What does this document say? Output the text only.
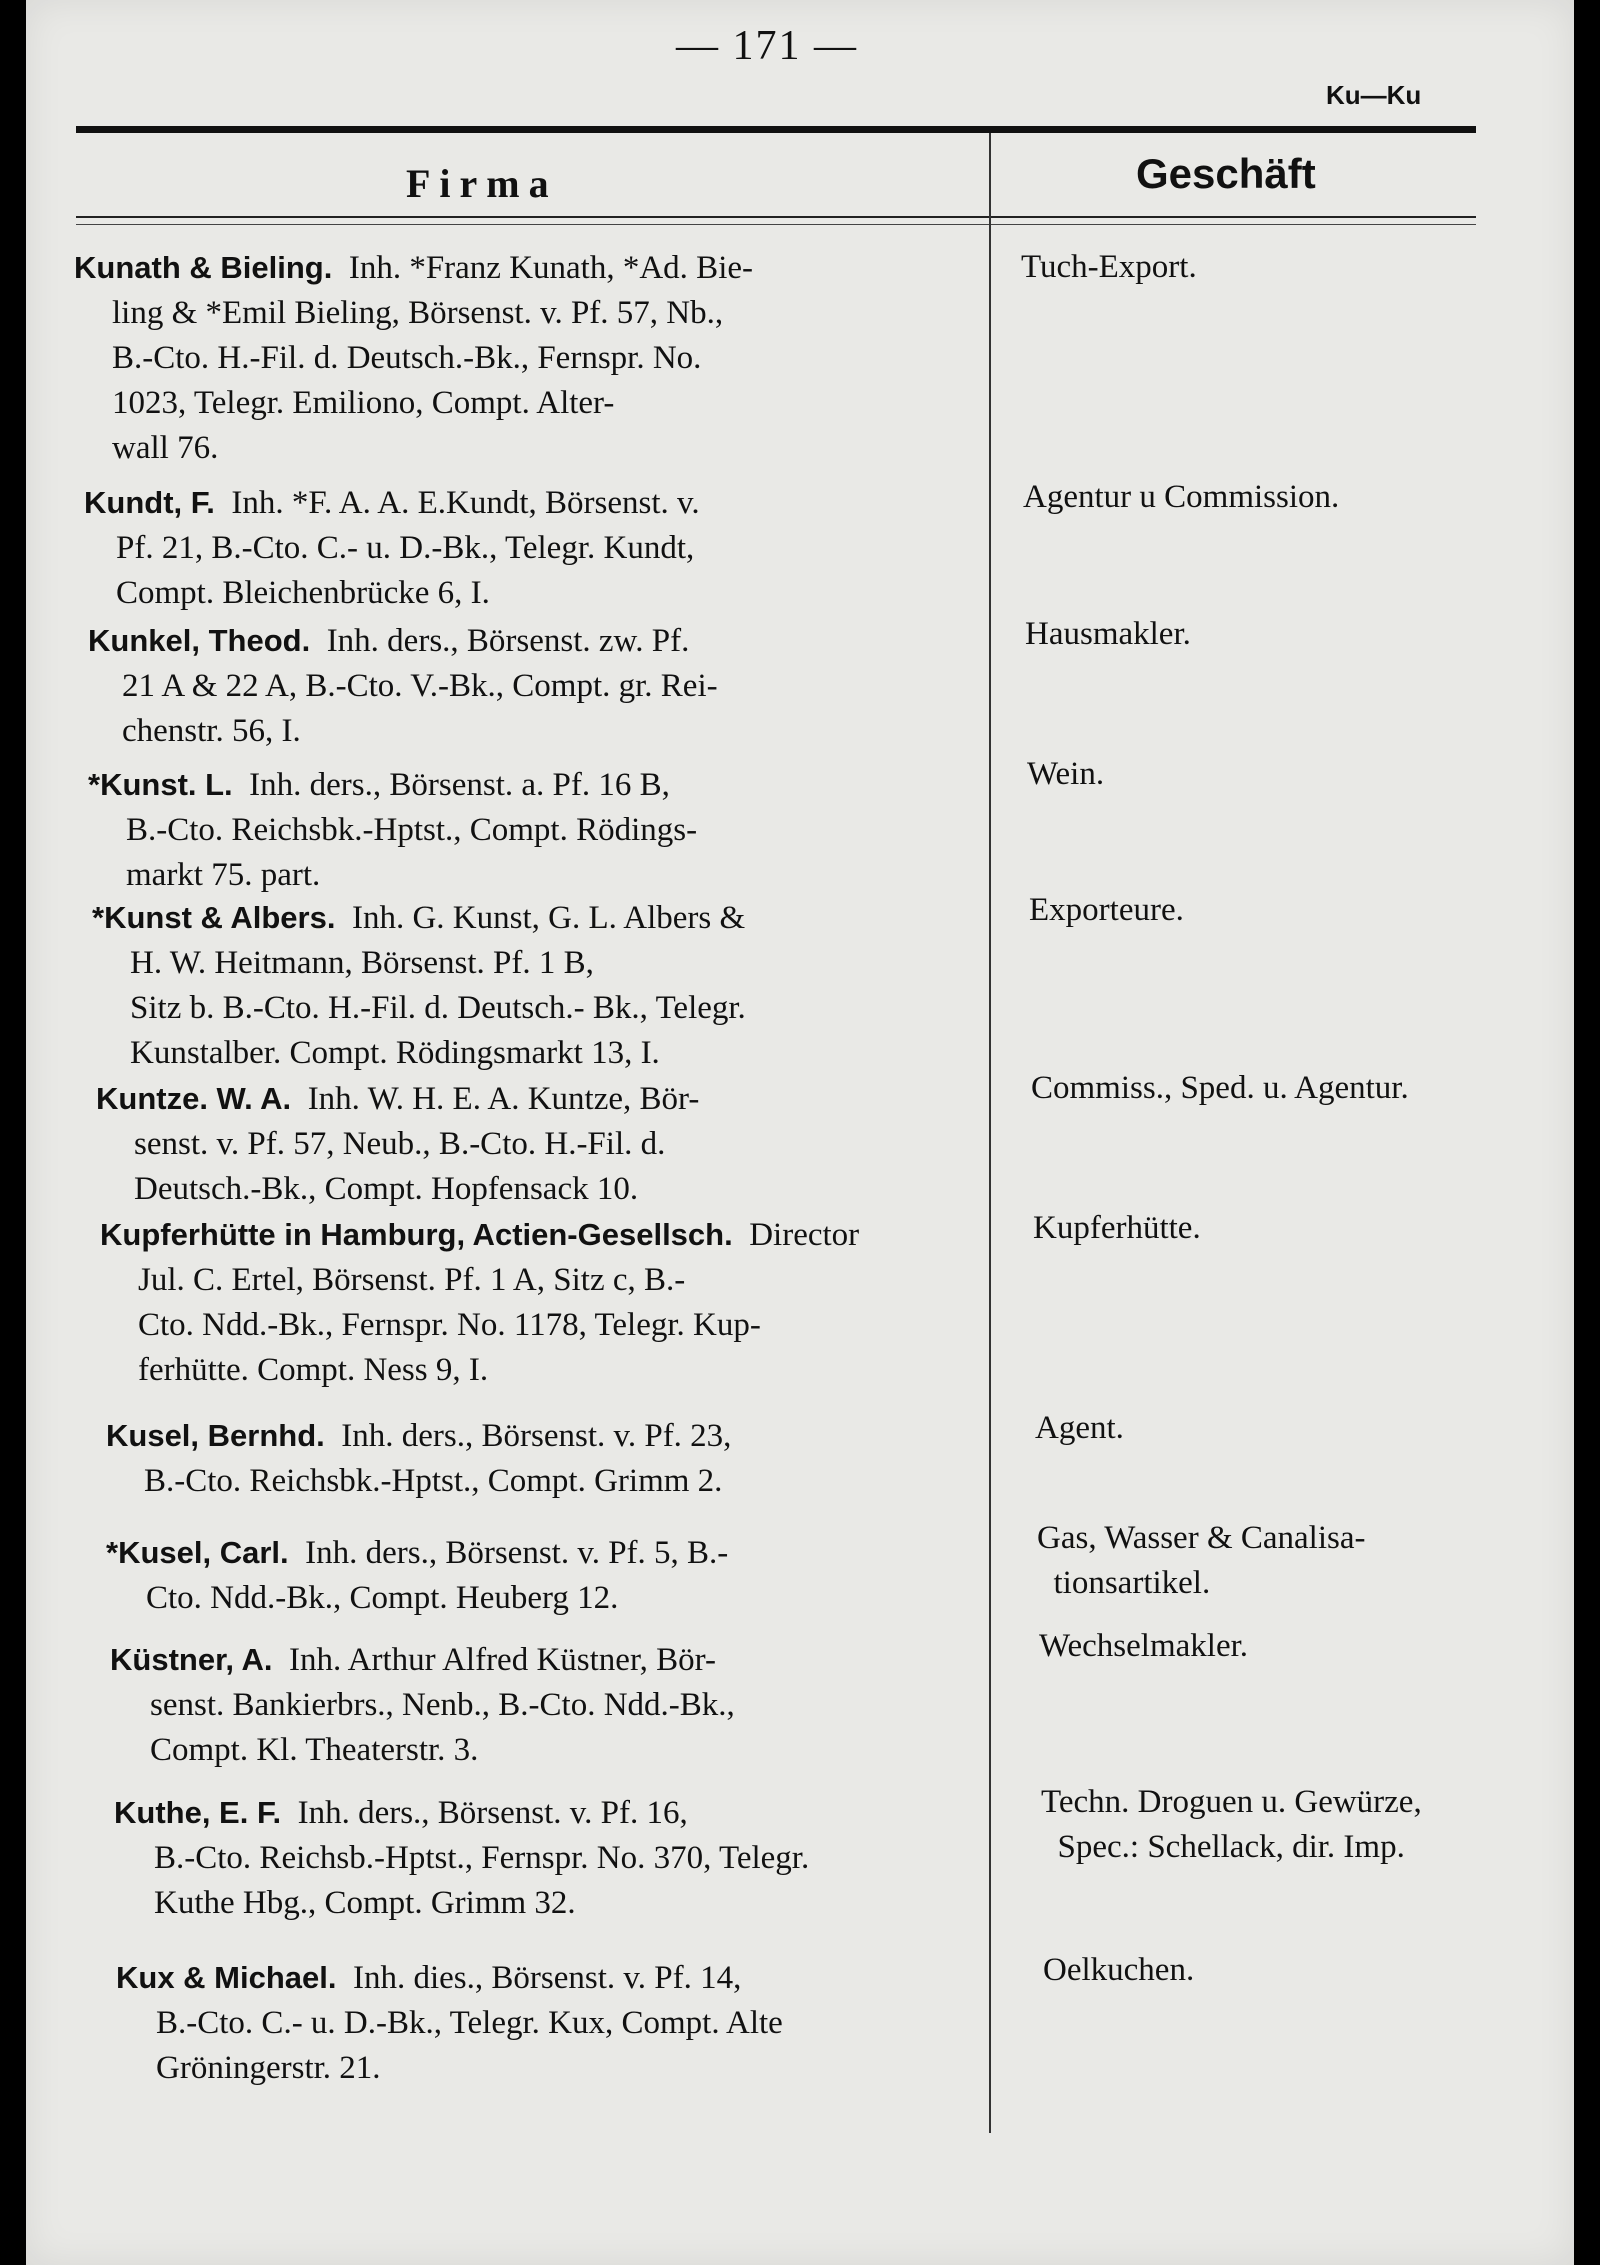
— 171 —
Ku—Ku
Firma	Geschäft
Kunath & Bieling.  Inh. *Franz Kunath, *Ad. Bie-
ling & *Emil Bieling, Börsenst. v. Pf. 57, Nb.,
B.-Cto. H.-Fil. d. Deutsch.-Bk., Fernspr. No.
1023, Telegr. Emiliono, Compt. Alter-
wall 76.
Tuch-Export.
Kundt, F.  Inh. *F. A. A. E.Kundt, Börsenst. v.
Pf. 21, B.-Cto. C.- u. D.-Bk., Telegr. Kundt,
Compt. Bleichenbrücke 6, I.
Agentur u Commission.
Kunkel, Theod.  Inh. ders., Börsenst. zw. Pf.
21 A & 22 A, B.-Cto. V.-Bk., Compt. gr. Rei-
chenstr. 56, I.
Hausmakler.
*Kunst. L.  Inh. ders., Börsenst. a. Pf. 16 B,
B.-Cto. Reichsbk.-Hptst., Compt. Rödings-
markt 75. part.
Wein.
*Kunst & Albers.  Inh. G. Kunst, G. L. Albers &
H. W. Heitmann, Börsenst. Pf. 1 B,
Sitz b. B.-Cto. H.-Fil. d. Deutsch.- Bk., Telegr.
Kunstalber. Compt. Rödingsmarkt 13, I.
Exporteure.
Kuntze. W. A.  Inh. W. H. E. A. Kuntze, Bör-
senst. v. Pf. 57, Neub., B.-Cto. H.-Fil. d.
Deutsch.-Bk., Compt. Hopfensack 10.
Commiss., Sped. u. Agentur.
Kupferhütte in Hamburg, Actien-Gesellsch.  Director
Jul. C. Ertel, Börsenst. Pf. 1 A, Sitz c, B.-
Cto. Ndd.-Bk., Fernspr. No. 1178, Telegr. Kup-
ferhütte. Compt. Ness 9, I.
Kupferhütte.
Kusel, Bernhd.  Inh. ders., Börsenst. v. Pf. 23,
B.-Cto. Reichsbk.-Hptst., Compt. Grimm 2.
Agent.
*Kusel, Carl.  Inh. ders., Börsenst. v. Pf. 5, B.-
Cto. Ndd.-Bk., Compt. Heuberg 12.
Gas, Wasser & Canalisa-
tionsartikel.
Küstner, A.  Inh. Arthur Alfred Küstner, Bör-
senst. Bankierbrs., Nenb., B.-Cto. Ndd.-Bk.,
Compt. Kl. Theaterstr. 3.
Wechselmakler.
Kuthe, E. F.  Inh. ders., Börsenst. v. Pf. 16,
B.-Cto. Reichsb.-Hptst., Fernspr. No. 370, Telegr.
Kuthe Hbg., Compt. Grimm 32.
Techn. Droguen u. Gewürze,
Spec.: Schellack, dir. Imp.
Kux & Michael.  Inh. dies., Börsenst. v. Pf. 14,
B.-Cto. C.- u. D.-Bk., Telegr. Kux, Compt. Alte
Gröningerstr. 21.
Oelkuchen.
